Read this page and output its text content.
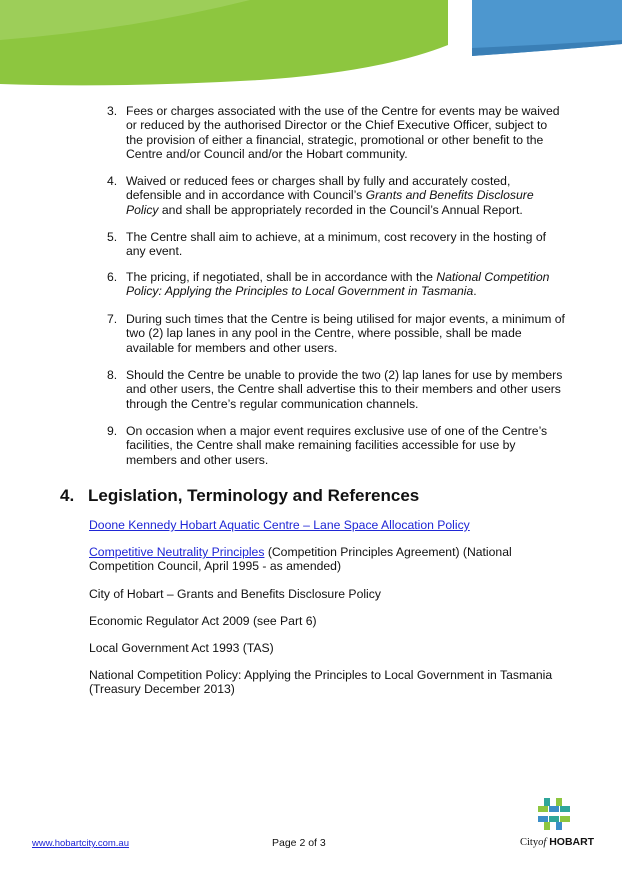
3. Fees or charges associated with the use of the Centre for events may be waived or reduced by the authorised Director or the Chief Executive Officer, subject to the provision of either a financial, strategic, promotional or other benefit to the Centre and/or Council and/or the Hobart community.
4. Waived or reduced fees or charges shall by fully and accurately costed, defensible and in accordance with Council’s Grants and Benefits Disclosure Policy and shall be appropriately recorded in the Council’s Annual Report.
5. The Centre shall aim to achieve, at a minimum, cost recovery in the hosting of any event.
6. The pricing, if negotiated, shall be in accordance with the National Competition Policy: Applying the Principles to Local Government in Tasmania.
7. During such times that the Centre is being utilised for major events, a minimum of two (2) lap lanes in any pool in the Centre, where possible, shall be made available for members and other users.
8. Should the Centre be unable to provide the two (2) lap lanes for use by members and other users, the Centre shall advertise this to their members and other users through the Centre’s regular communication channels.
9. On occasion when a major event requires exclusive use of one of the Centre’s facilities, the Centre shall make remaining facilities accessible for use by members and other users.
4. Legislation, Terminology and References

Doone Kennedy Hobart Aquatic Centre – Lane Space Allocation Policy

Competitive Neutrality Principles (Competition Principles Agreement) (National Competition Council, April 1995 - as amended)

City of Hobart – Grants and Benefits Disclosure Policy

Economic Regulator Act 2009 (see Part 6)

Local Government Act 1993 (TAS)

National Competition Policy: Applying the Principles to Local Government in Tasmania (Treasury December 2013)

www.hobartcity.com.au	Page 2 of 3	Cityof HOBART
